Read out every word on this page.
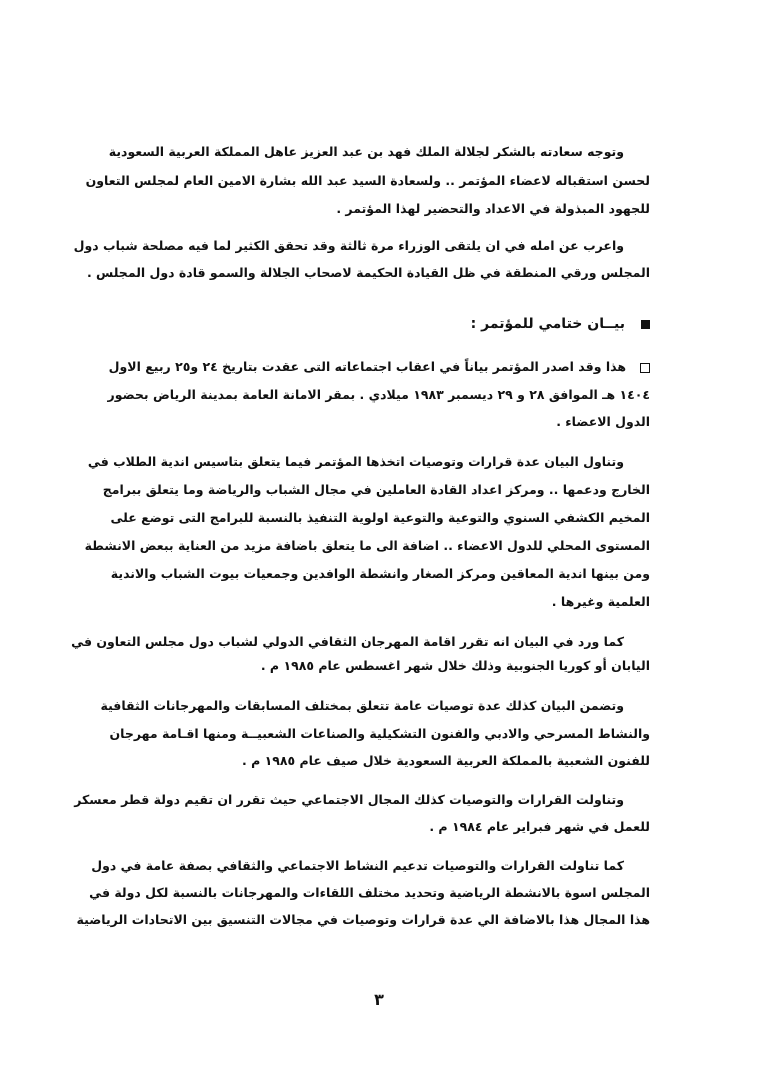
وتوجه سعادته بالشكر لجلالة الملك فهد بن عبد العزيز عاهل المملكة العربية السعودية
لحسن استقباله لاعضاء المؤتمر .. ولسعادة السيد عبد الله بشارة الامين العام لمجلس التعاون
للجهود المبذولة في الاعداد والتحضير لهذا المؤتمر .
واعرب عن امله في ان يلتقى الوزراء مرة ثالثة وقد تحقق الكثير لما فيه مصلحة شباب دول
المجلس ورقي المنطقة في ظل القيادة الحكيمة لاصحاب الجلالة والسمو قادة دول المجلس .
بيــان ختامي للمؤتمر :
هذا وقد اصدر المؤتمر بياناً في اعقاب اجتماعاته التى عقدت بتاريخ ٢٤ و٢٥ ربيع الاول
١٤٠٤ هـ الموافق ٢٨ و ٢٩ ديسمبر ١٩٨٣ ميلادي . بمقر الامانة العامة بمدينة الرياض بحضور
الدول الاعضاء .
وتناول البيان عدة قرارات وتوصيات اتخذها المؤتمر فيما يتعلق بتاسيس اندية الطلاب في
الخارج ودعمها .. ومركز اعداد القادة العاملين في مجال الشباب والرياضة وما يتعلق ببرامج
المخيم الكشفي السنوي والتوعية والتوعية اولوية التنفيذ بالنسبة للبرامج التى توضع على
المستوى المحلي للدول الاعضاء .. اضافة الى ما يتعلق باضافة مزيد من العناية ببعض الانشطة
ومن بينها اندية المعاقين ومركز الصغار وانشطة الوافدين وجمعيات بيوت الشباب والاندية
العلمية وغيرها .
كما ورد في البيان انه تقرر اقامة المهرجان الثقافي الدولي لشباب دول مجلس التعاون في
اليابان أو كوريا الجنوبية وذلك خلال شهر اغسطس عام ١٩٨٥ م .
وتضمن البيان كذلك عدة توصيات عامة تتعلق بمختلف المسابقات والمهرجانات الثقافية
والنشاط المسرحي والادبي والفنون التشكيلية والصناعات الشعبيــة ومنها اقـامة مهرجان
للفنون الشعبية بالمملكة العربية السعودية خلال صيف عام ١٩٨٥ م .
وتناولت القرارات والتوصيات كذلك المجال الاجتماعي حيث تقرر ان تقيم دولة قطر معسكر
للعمل في شهر فبراير عام ١٩٨٤ م .
كما تناولت القرارات والتوصيات تدعيم النشاط الاجتماعي والثقافي بصفة عامة في دول
المجلس اسوة بالانشطة الرياضية وتحديد مختلف اللقاءات والمهرجانات بالنسبة لكل دولة في
هذا المجال هذا بالاضافة الي عدة قرارات وتوصيات في مجالات التنسيق بين الاتحادات الرياضية
٣
